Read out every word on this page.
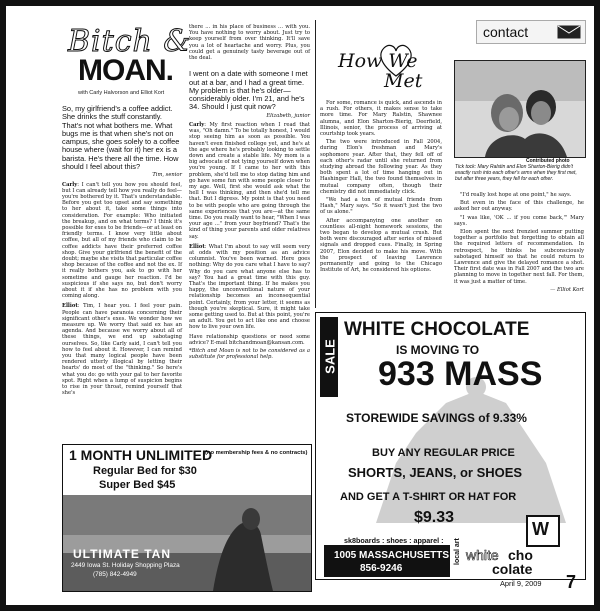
Bitch &
MOAN.
with Carly Halvorson and Elliot Kort

So, my girlfriend's a coffee addict. She drinks the stuff constantly. That's not what bothers me. What bugs me is that when she's not on campus, she goes solely to a coffee house where (wait for it) her ex is a barista. He's there all the time. How should I feel about this?

Tim, senior

Carly: I can't tell you how you should feel, but I can already tell how you really do feel—you're bothered by it. That's understandable. Before you get too upset and say something to her about it, take some things into consideration. For example: Who initiated the breakup, and on what terms? I think it's possible for exes to be friends—or at least on friendly terms. I know very little about coffee, but all of my friends who claim to be coffee addicts have their preferred coffee shop. Give your girlfriend the benefit of the doubt; maybe she visits that particular coffee shop because of the coffee and not the ex. If it really bothers you, ask to go with her sometime and gauge her reaction. I'd be suspicious if she says no, but don't worry about it if she has no problem with you coming along.

Elliot: Tim, I hear you. I feel your pain. People can have paranoia concerning their significant other's exes. We wonder how we measure up. We worry that said ex has an agenda. And because we worry about all of these things, we end up sabotaging ourselves. So, like Carly said, I can't tell you how to feel about it. However, I can remind you that many logical people have been rendered utterly illogical by letting their hearts' do most of the "thinking." So here's what you do: go with your gal to her favorite spot. Right when a lump of suspicion begins to rise in your throat, remind yourself that she's

there ... in his place of business ... with you. You have nothing to worry about. Just try to keep yourself from over thinking. It'll save you a lot of heartache and worry. Plus, you could get a genuinely tasty beverage out of the deal.

I went on a date with someone I met out at a bar, and I had a great time. My problem is that he's older—considerably older. I'm 21, and he's 34. Should I just quit now?

Elizabeth, junior

Carly: My first reaction when I read that was, "Oh damn." To be totally honest, I would stop seeing him as soon as possible. You haven't even finished college yet, and he's at the age where he's probably looking to settle down and create a stable life. My mom is a big advocate of not tying yourself down when you're young. If I came to her with this problem, she'd tell me to stop dating him and go have some fun with some people closer to my age. Well, first she would ask what the hell I was thinking, and then she'd tell me that. But I digress. My point is that you need to be with people who are going through the same experiences that you are—at the same time. Do you really want to hear, "When I was your age ..." from your boyfriend? That's the kind of thing your parents and older relatives say.

Elliot: What I'm about to say will seem very at odds with my position as an advice columnist. You've been warned. Here goes nothing: Why do you care what I have to say? Why do you care what anyone else has to say? You had a great time with this guy. That's the important thing. If he makes you happy, the unconventional nature of your relationship becomes an inconsequential point. Certainly, from your letter, it seems as though you're skeptical. Sure, it might take some getting used to. But at this point, you're an adult. You get to act like one and choose how to live your own life.

Have relationship questions or need some advice? E-mail bitchandmoan@kansan.com.

*Bitch and Moan is not to be considered as a substitute for professional help.

contact
How We
Met

For some, romance is quick, and ascends in a rush. For others, it makes sense to take more time. For Mary Ralstin, Shawnee alumna, and Elon Sharton-Bierig, Deerfield, Illinois, senior, the process of arriving at courtship took years.

The two were introduced in Fall 2004, during Elon's freshman and Mary's sophomore year. After that, they fell off of each other's radar until she returned from studying abroad the following year. As they both spent a lot of time hanging out in Hashinger Hall, the two found themselves in mutual company often, though their chemistry did not immediately click.

"We had a ton of mutual friends from Hash," Mary says. "So it wasn't just the two of us alone."

After accompanying one another on countless all-night homework sessions, the two began to develop a mutual crush. But both were discouraged after series of missed signals and dropped cues. Finally, in Spring 2007, Elon decided to make his move. With the prospect of leaving Lawrence permanently and going to the Chicago Institute of Art, he considered his options.

Contributed photo
Tick tock: Mary Ralstin and Elon Sharton-Bierig didn't exactly rush into each other's arms when they first met, but after three years, they fell for each other.

"I'd really lost hope at one point," he says.

But even in the face of this challenge, he asked her out anyway.

"I was like, 'OK ... if you come back,'" Mary says.

Elon spent the next frenzied summer putting together a portfolio but forgetting to obtain all the required letters of recommendation. In retrospect, he thinks he subconsciously sabotaged himself so that he could return to Lawrence and give the delayed romance a shot. Their first date was in Fall 2007 and the two are planning to move in together next fall. For them, it was just a matter of time.

— Elliot Kort

1 MONTH UNLIMITED
(no membership fees & no contracts)
Regular Bed for $30
Super Bed $45
ULTIMATE TAN
2449 Iowa St. Holiday Shopping Plaza
(785) 842-4949
SALE
WHITE CHOCOLATE
IS MOVING TO
933 MASS
STOREWIDE SAVINGS of 9.33%
BUY ANY REGULAR PRICE
SHORTS, JEANS, or SHOES
AND GET A T-SHIRT OR HAT FOR
$9.33
W
sk8boards : shoes : apparel : local art
1005 MASSACHUSETTS
856-9246
white cho
colate
April 9, 2009 7
